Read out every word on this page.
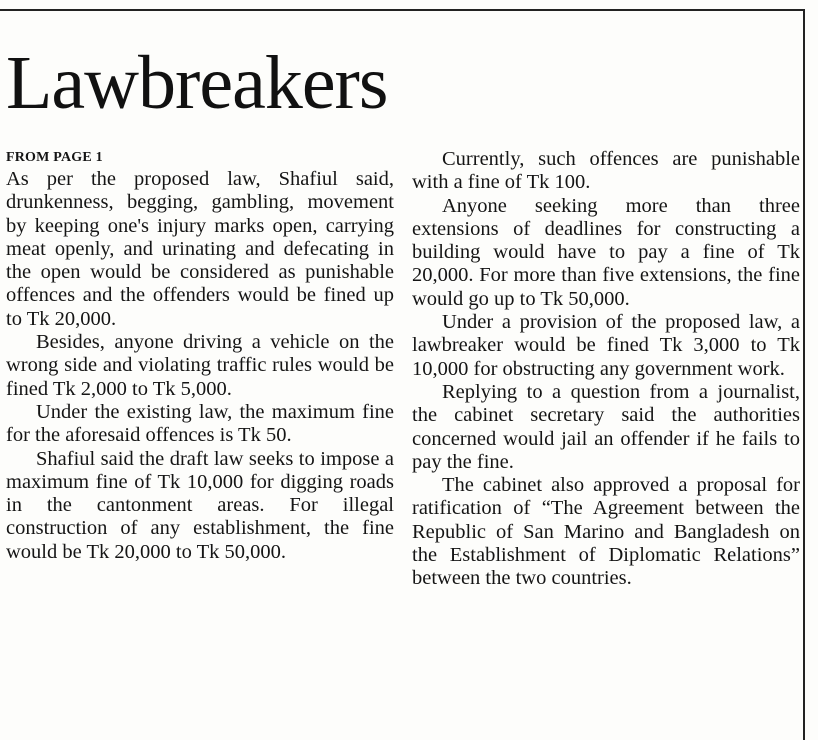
Lawbreakers
FROM PAGE 1

As per the proposed law, Shafiul said, drunkenness, begging, gambling, movement by keeping one's injury marks open, carrying meat openly, and urinating and defecating in the open would be considered as punishable offences and the offenders would be fined up to Tk 20,000.

Besides, anyone driving a vehicle on the wrong side and violating traffic rules would be fined Tk 2,000 to Tk 5,000.

Under the existing law, the maximum fine for the aforesaid offences is Tk 50.

Shafiul said the draft law seeks to impose a maximum fine of Tk 10,000 for digging roads in the cantonment areas. For illegal construction of any establishment, the fine would be Tk 20,000 to Tk 50,000.

Currently, such offences are punishable with a fine of Tk 100.

Anyone seeking more than three extensions of deadlines for constructing a building would have to pay a fine of Tk 20,000. For more than five extensions, the fine would go up to Tk 50,000.

Under a provision of the proposed law, a lawbreaker would be fined Tk 3,000 to Tk 10,000 for obstructing any government work.

Replying to a question from a journalist, the cabinet secretary said the authorities concerned would jail an offender if he fails to pay the fine.

The cabinet also approved a proposal for ratification of “The Agreement between the Republic of San Marino and Bangladesh on the Establishment of Diplomatic Relations” between the two countries.
